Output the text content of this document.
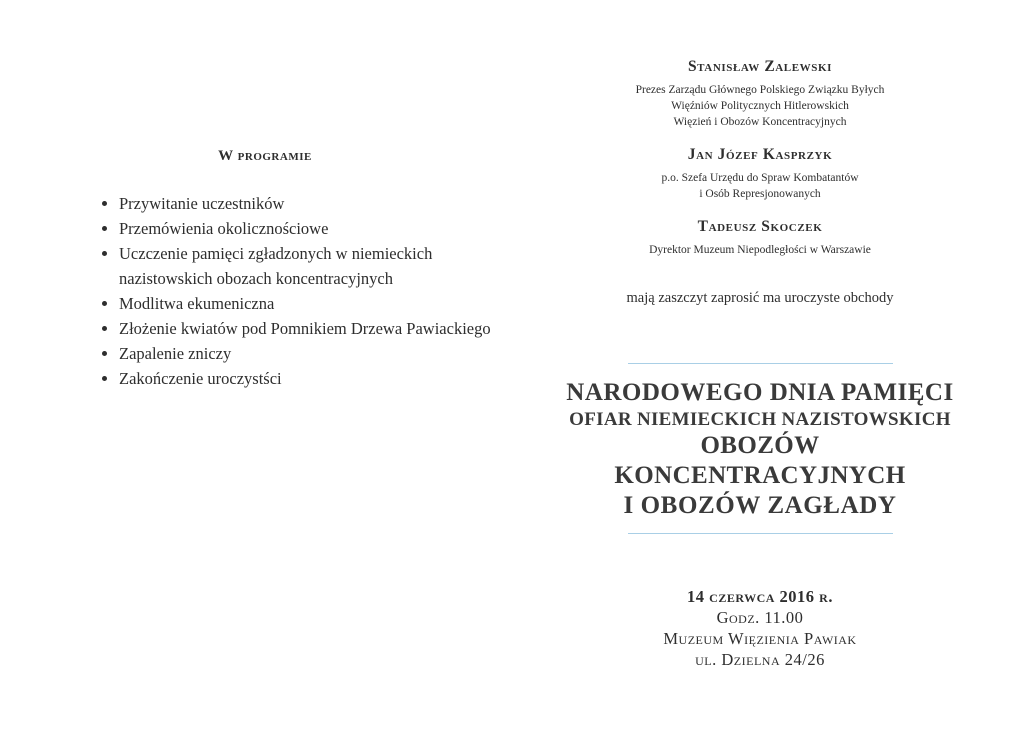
W programie
• Przywitanie uczestników
• Przemówienia okolicznościowe
• Uczczenie pamięci zgładzonych w niemieckich nazistowskich obozach koncentracyjnych
• Modlitwa ekumeniczna
• Złożenie kwiatów pod Pomnikiem Drzewa Pawiackiego
• Zapalenie zniczy
• Zakończenie uroczystści
Stanisław Zalewski
Prezes Zarządu Głównego Polskiego Związku Byłych
Więźniów Politycznych Hitlerowskich
Więzień i Obozów Koncentracyjnych
Jan Józef Kasprzyk
p.o. Szefa Urzędu do Spraw Kombatantów
i Osób Represjonowanych
Tadeusz Skoczek
Dyrektor Muzeum Niepodległości w Warszawie
mają zaszczyt zaprosić ma uroczyste obchody
NARODOWEGO DNIA PAMIĘCI
OFIAR NIEMIECKICH NAZISTOWSKICH
OBOZÓW KONCENTRACYJNYCH
I OBOZÓW ZAGŁADY
14 czerwca 2016 r.
Godz. 11.00
Muzeum Więzienia Pawiak
ul. Dzielna 24/26
